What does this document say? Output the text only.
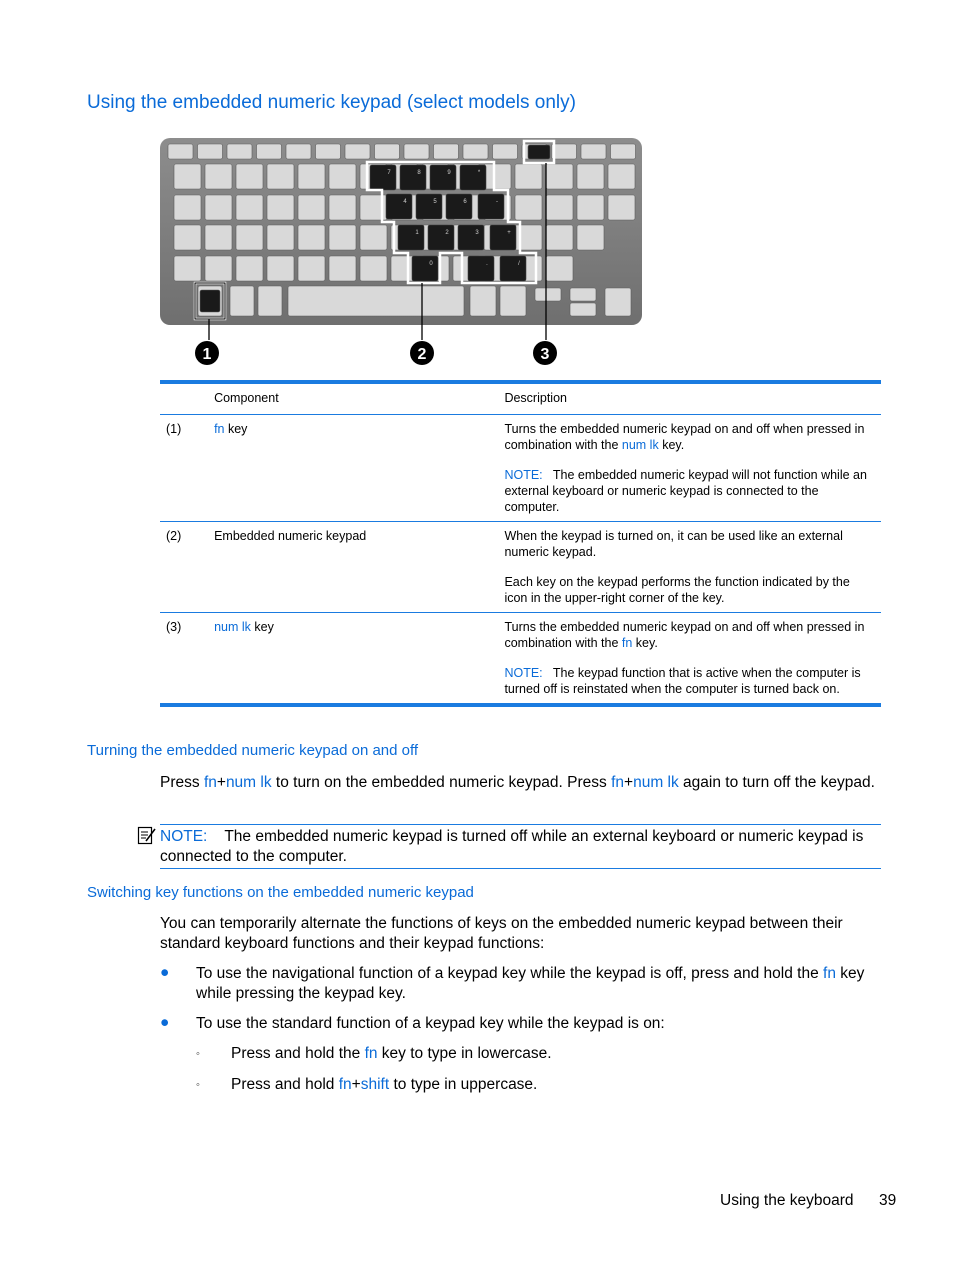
Using the embedded numeric keypad (select models only)
7	8	9	*
4	5	6	-
1	2	3	+
0	.	/
1	2	3
	Component	Description
(1)	fn key	Turns the embedded numeric keypad on and off when pressed in combination with the num lk key.
NOTE: The embedded numeric keypad will not function while an external keyboard or numeric keypad is connected to the computer.

(2)	Embedded numeric keypad	When the keypad is turned on, it can be used like an external numeric keypad.
Each key on the keypad performs the function indicated by the icon in the upper-right corner of the key.

(3)	num lk key	Turns the embedded numeric keypad on and off when pressed in combination with the fn key.
NOTE: The keypad function that is active when the computer is turned off is reinstated when the computer is turned back on.
Turning the embedded numeric keypad on and off
Press fn+num lk to turn on the embedded numeric keypad. Press fn+num lk again to turn off the keypad.
NOTE: The embedded numeric keypad is turned off while an external keyboard or numeric keypad is connected to the computer.
Switching key functions on the embedded numeric keypad
You can temporarily alternate the functions of keys on the embedded numeric keypad between their standard keyboard functions and their keypad functions:
● To use the navigational function of a keypad key while the keypad is off, press and hold the fn key while pressing the keypad key.
● To use the standard function of a keypad key while the keypad is on:
◦ Press and hold the fn key to type in lowercase.
◦ Press and hold fn+shift to type in uppercase.
Using the keyboard 39
